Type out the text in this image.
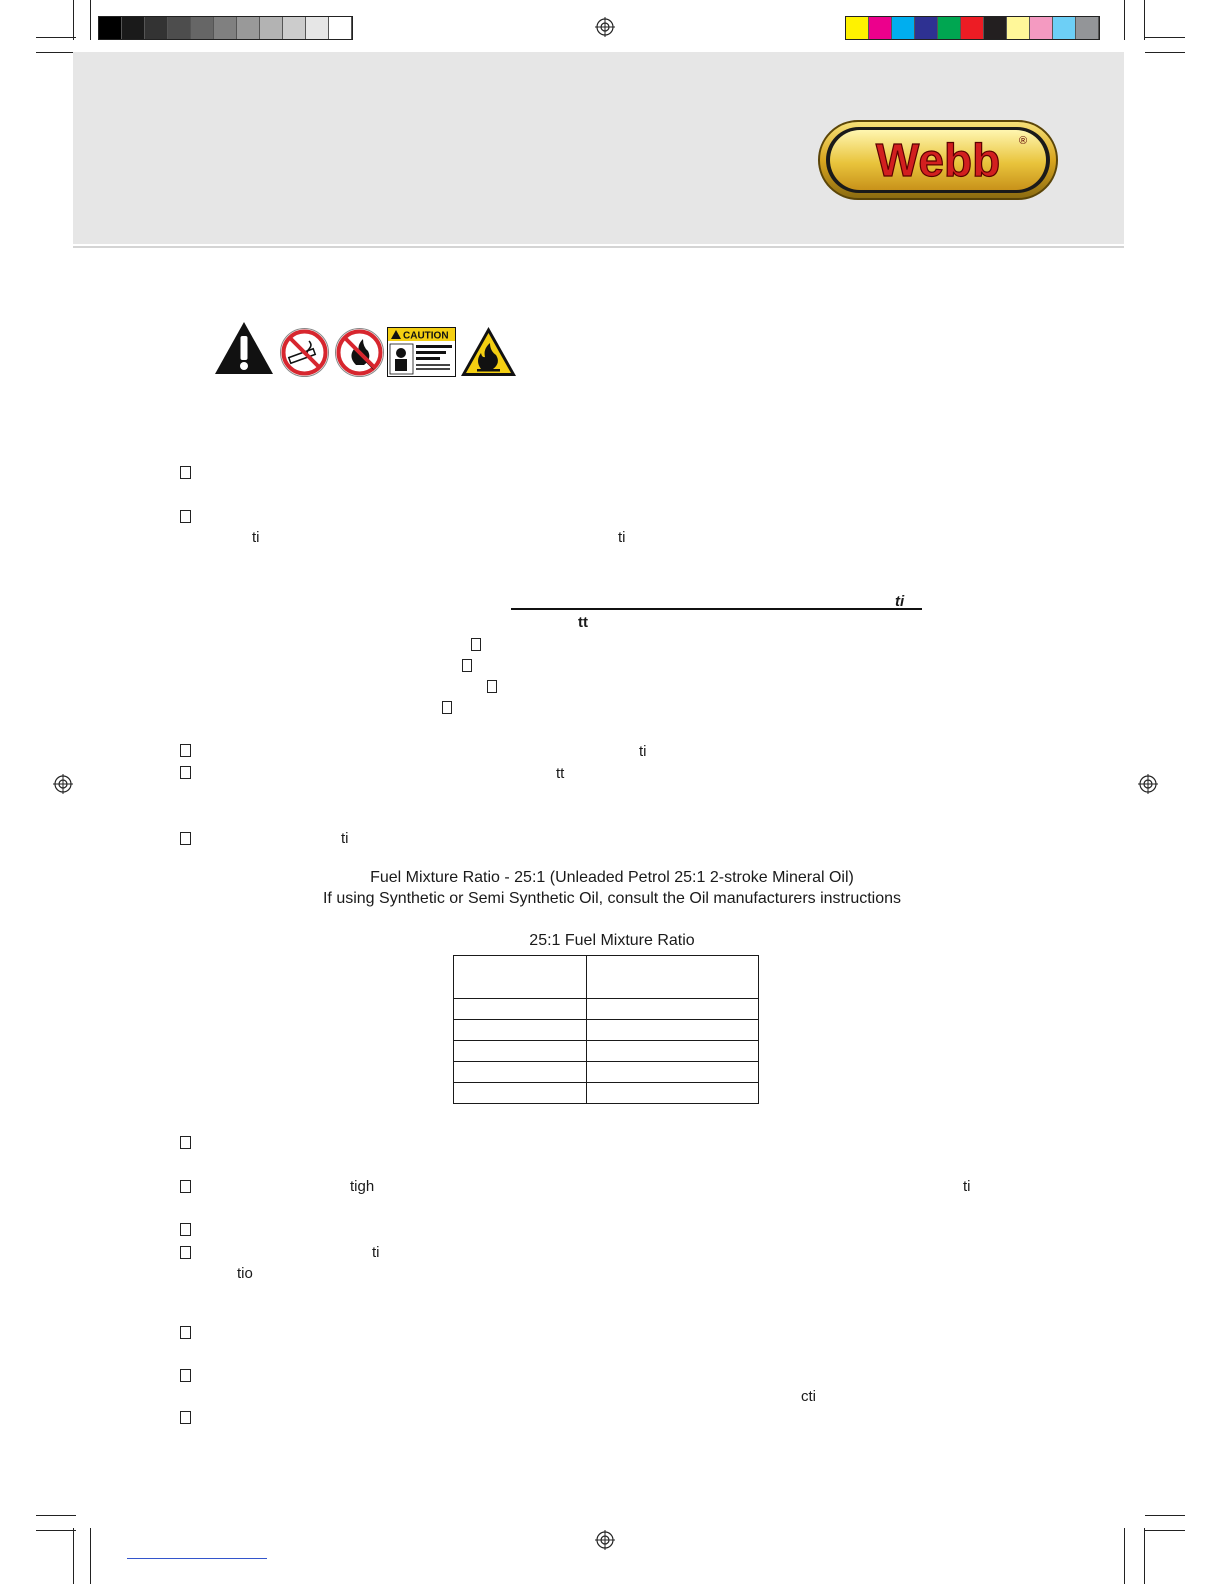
Webb ®
CAUTION
ti	ti
ti
tt
ti
tt
ti
Fuel Mixture Ratio - 25:1 (Unleaded Petrol 25:1 2-stroke Mineral Oil)
If using Synthetic or Semi Synthetic Oil, consult the Oil manufacturers instructions
25:1 Fuel Mixture Ratio

tigh	ti
ti
tio
cti
